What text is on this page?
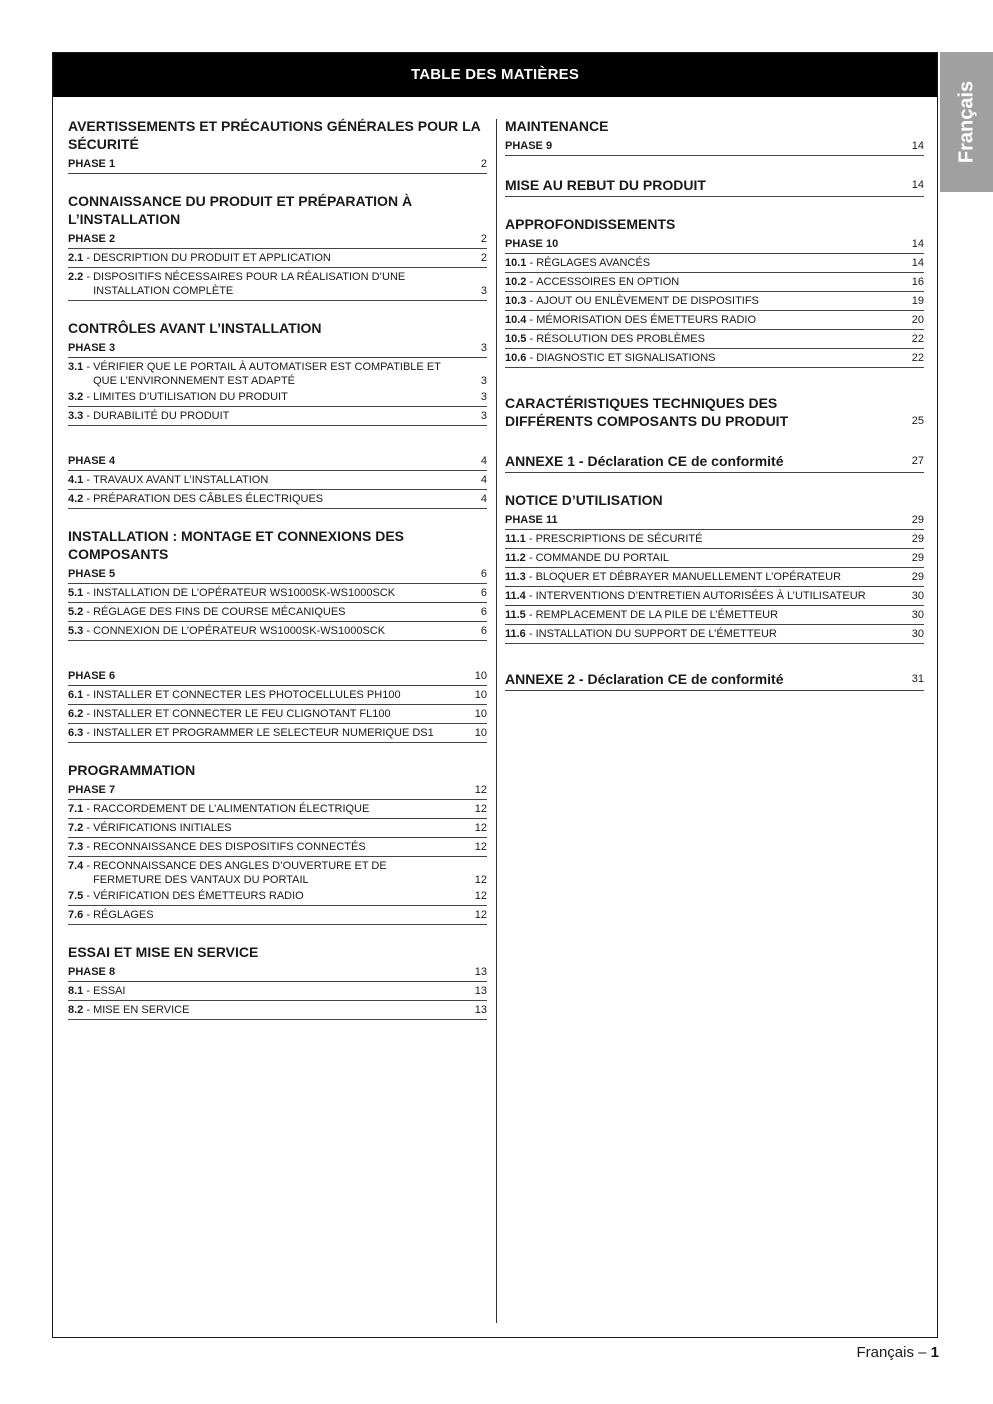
TABLE DES MATIÈRES
AVERTISSEMENTS ET PRÉCAUTIONS GÉNÉRALES POUR LA SÉCURITÉ
PHASE 1	2
CONNAISSANCE DU PRODUIT ET PRÉPARATION À L’INSTALLATION
PHASE 2	2
2.1 - DESCRIPTION DU PRODUIT ET APPLICATION	2
2.2 - DISPOSITIFS NÉCESSAIRES POUR LA RÉALISATION D’UNE INSTALLATION COMPLÈTE	3
CONTRÔLES AVANT L’INSTALLATION
PHASE 3	3
3.1 - VÉRIFIER QUE LE PORTAIL À AUTOMATISER EST COMPATIBLE ET QUE L’ENVIRONNEMENT EST ADAPTÉ	3
3.2 - LIMITES D’UTILISATION DU PRODUIT	3
3.3 - DURABILITÉ DU PRODUIT	3
PHASE 4	4
4.1 - TRAVAUX AVANT L’INSTALLATION	4
4.2 - PRÉPARATION DES CÂBLES ÉLECTRIQUES	4
INSTALLATION : MONTAGE ET CONNEXIONS DES COMPOSANTS
PHASE 5	6
5.1 - INSTALLATION DE L’OPÉRATEUR WS1000SK-WS1000SCK	6
5.2 - RÉGLAGE DES FINS DE COURSE MÉCANIQUES	6
5.3 - CONNEXION DE L’OPÉRATEUR WS1000SK-WS1000SCK	6
PHASE 6	10
6.1 - INSTALLER ET CONNECTER LES PHOTOCELLULES PH100	10
6.2 - INSTALLER ET CONNECTER LE FEU CLIGNOTANT FL100	10
6.3 - INSTALLER ET PROGRAMMER LE SELECTEUR NUMERIQUE DS1	10
PROGRAMMATION
PHASE 7	12
7.1 - RACCORDEMENT DE L’ALIMENTATION ÉLECTRIQUE	12
7.2 - VÉRIFICATIONS INITIALES	12
7.3 - RECONNAISSANCE DES DISPOSITIFS CONNECTÉS	12
7.4 - RECONNAISSANCE DES ANGLES D’OUVERTURE ET DE FERMETURE DES VANTAUX DU PORTAIL	12
7.5 - VÉRIFICATION DES ÉMETTEURS RADIO	12
7.6 - RÉGLAGES	12
ESSAI ET MISE EN SERVICE
PHASE 8	13
8.1 - ESSAI	13
8.2 - MISE EN SERVICE	13
MAINTENANCE
PHASE 9	14
MISE AU REBUT DU PRODUIT	14
APPROFONDISSEMENTS
PHASE 10	14
10.1 - RÉGLAGES AVANCÉS	14
10.2 - ACCESSOIRES EN OPTION	16
10.3 - AJOUT OU ENLÈVEMENT DE DISPOSITIFS	19
10.4 - MÉMORISATION DES ÉMETTEURS RADIO	20
10.5 - RÉSOLUTION DES PROBLÈMES	22
10.6 - DIAGNOSTIC ET SIGNALISATIONS	22
CARACTÉRISTIQUES TECHNIQUES DES DIFFÉRENTS COMPOSANTS DU PRODUIT	25
ANNEXE 1 - Déclaration CE de conformité	27
NOTICE D’UTILISATION
PHASE 11	29
11.1 - PRESCRIPTIONS DE SÉCURITÉ	29
11.2 - COMMANDE DU PORTAIL	29
11.3 - BLOQUER ET DÉBRAYER MANUELLEMENT L’OPÉRATEUR	29
11.4 - INTERVENTIONS D’ENTRETIEN AUTORISÉES À L’UTILISATEUR	30
11.5 - REMPLACEMENT DE LA PILE DE L’ÉMETTEUR	30
11.6 - INSTALLATION DU SUPPORT DE L’ÉMETTEUR	30
ANNEXE 2 - Déclaration CE de conformité	31
Français
Français – 1
